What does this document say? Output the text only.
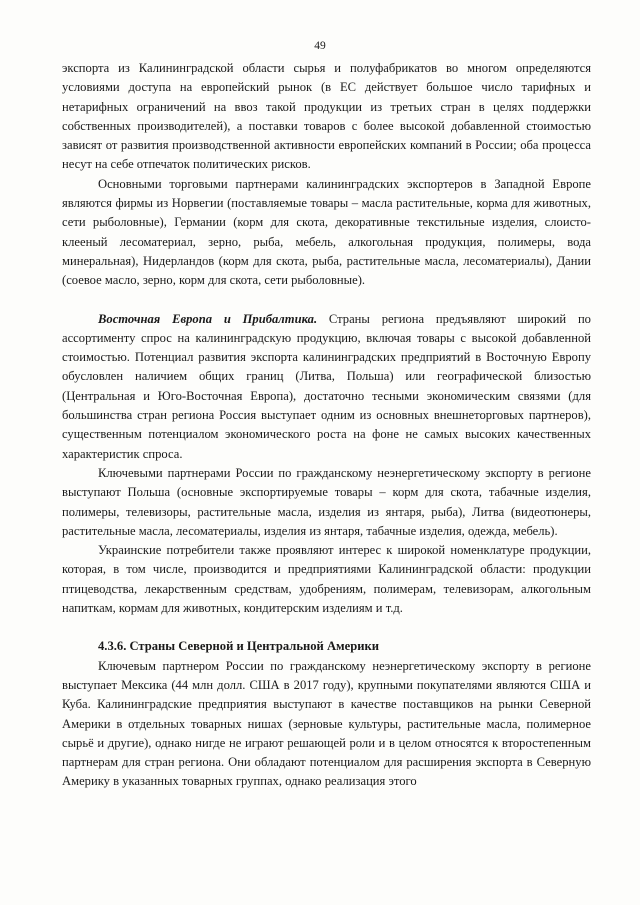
49

экспорта из Калининградской области сырья и полуфабрикатов во многом определяются условиями доступа на европейский рынок (в ЕС действует большое число тарифных и нетарифных ограничений на ввоз такой продукции из третьих стран в целях поддержки собственных производителей), а поставки товаров с более высокой добавленной стоимостью зависят от развития производственной активности европейских компаний в России; оба процесса несут на себе отпечаток политических рисков.

Основными торговыми партнерами калининградских экспортеров в Западной Европе являются фирмы из Норвегии (поставляемые товары – масла растительные, корма для животных, сети рыболовные), Германии (корм для скота, декоративные текстильные изделия, слоисто-клееный лесоматериал, зерно, рыба, мебель, алкогольная продукция, полимеры, вода минеральная), Нидерландов (корм для скота, рыба, растительные масла, лесоматериалы), Дании (соевое масло, зерно, корм для скота, сети рыболовные).

Восточная Европа и Прибалтика. Страны региона предъявляют широкий по ассортименту спрос на калининградскую продукцию, включая товары с высокой добавленной стоимостью. Потенциал развития экспорта калининградских предприятий в Восточную Европу обусловлен наличием общих границ (Литва, Польша) или географической близостью (Центральная и Юго-Восточная Европа), достаточно тесными экономическим связями (для большинства стран региона Россия выступает одним из основных внешнеторговых партнеров), существенным потенциалом экономического роста на фоне не самых высоких качественных характеристик спроса.

Ключевыми партнерами России по гражданскому неэнергетическому экспорту в регионе выступают Польша (основные экспортируемые товары – корм для скота, табачные изделия, полимеры, телевизоры, растительные масла, изделия из янтаря, рыба), Литва (видеотюнеры, растительные масла, лесоматериалы, изделия из янтаря, табачные изделия, одежда, мебель).

Украинские потребители также проявляют интерес к широкой номенклатуре продукции, которая, в том числе, производится и предприятиями Калининградской области: продукции птицеводства, лекарственным средствам, удобрениям, полимерам, телевизорам, алкогольным напиткам, кормам для животных, кондитерским изделиям и т.д.

4.3.6. Страны Северной и Центральной Америки

Ключевым партнером России по гражданскому неэнергетическому экспорту в регионе выступает Мексика (44 млн долл. США в 2017 году), крупными покупателями являются США и Куба. Калининградские предприятия выступают в качестве поставщиков на рынки Северной Америки в отдельных товарных нишах (зерновые культуры, растительные масла, полимерное сырьё и другие), однако нигде не играют решающей роли и в целом относятся к второстепенным партнерам для стран региона. Они обладают потенциалом для расширения экспорта в Северную Америку в указанных товарных группах, однако реализация этого
